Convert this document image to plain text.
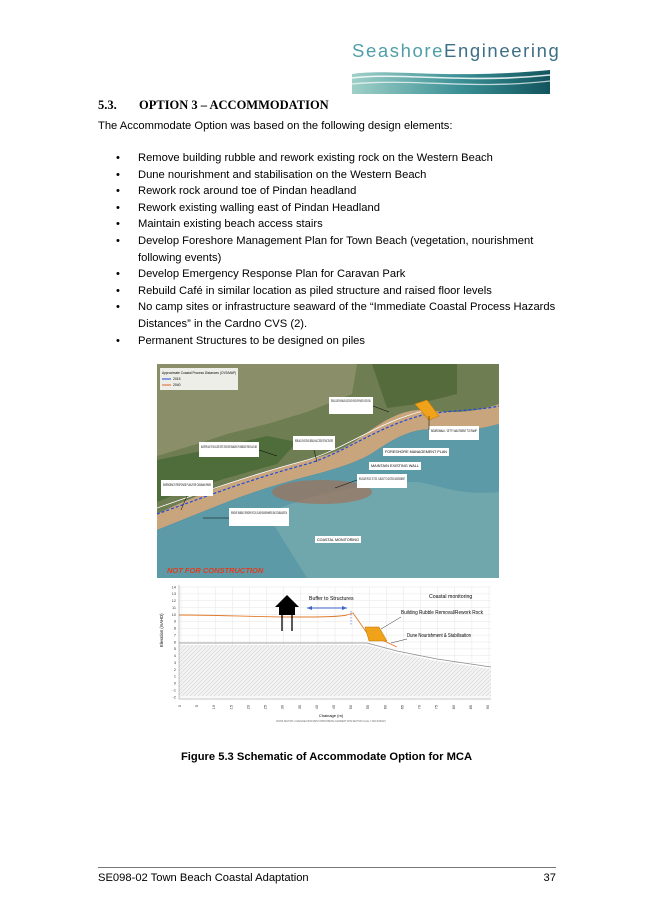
SeashoreEngineering
5.3. OPTION 3 – ACCOMMODATION
The Accommodate Option was based on the following design elements:
• Remove building rubble and rework existing rock on the Western Beach
• Dune nourishment and stabilisation on the Western Beach
• Rework rock around toe of Pindan headland
• Rework existing walling east of Pindan Headland
• Maintain existing beach access stairs
• Develop Foreshore Management Plan for Town Beach (vegetation, nourishment following events)
• Develop Emergency Response Plan for Caravan Park
• Rebuild Café in similar location as piled structure and raised floor levels
• No camp sites or infrastructure seaward of the “Immediate Coastal Process Hazards Distances” in the Cardno CVS (2).
• Permanent Structures to be designed on piles
Approximate Coastal Process Distances (CVS/MAP)
2015
2040
REBUILD CAFE IN SIMILAR LOCATION ON PILES WITH RAISED FLOOR LEVEL
BOARDWALK / JETTY ABUTMENT TO RAMP
REBUILD EXISTING BEACH ACCESS STRUCTURES
FORESHORE MANAGEMENT PLAN
MASTERPLAN TO RELOCATE SITES THAT ARE SEAWARD OF IMMEDIATE RISK BLUE LINE
MAINTAIN EXISTING WALL
RELOCATE ROCK TO TOE - SUBJECT TO GEOTECH ASSESSMENT
EMERGENCY RESPONSE PLAN FOR CARAVAN PARK
REMOVE RUBBLE, REWORK ROCK, DUNE NOURISHMENT AND STABILISATION
COASTAL MONITORING
NOT FOR CONSTRUCTION
Buffer to Structures	Coastal monitoring
Building Rubble Removal/Rework Rock
Dune Nourishment & Stabilisation
Elevation (mAHD)
14
13
12
11
10
9
8
7
6
5
4
3
2
1
0
-1
-2
0	5	10	15	20	25	30	35	40	45	50	55	60	65	70	75	80	85	90
Chainage (m)
CROSS SECTION 1 CHAINAGE FROM WEST APPROXIMATE ALIGNMENT WITH SECTION 01 (ALL 7 2019 SURVEY)
Figure 5.3 Schematic of Accommodate Option for MCA
SE098-02 Town Beach Coastal Adaptation	37
